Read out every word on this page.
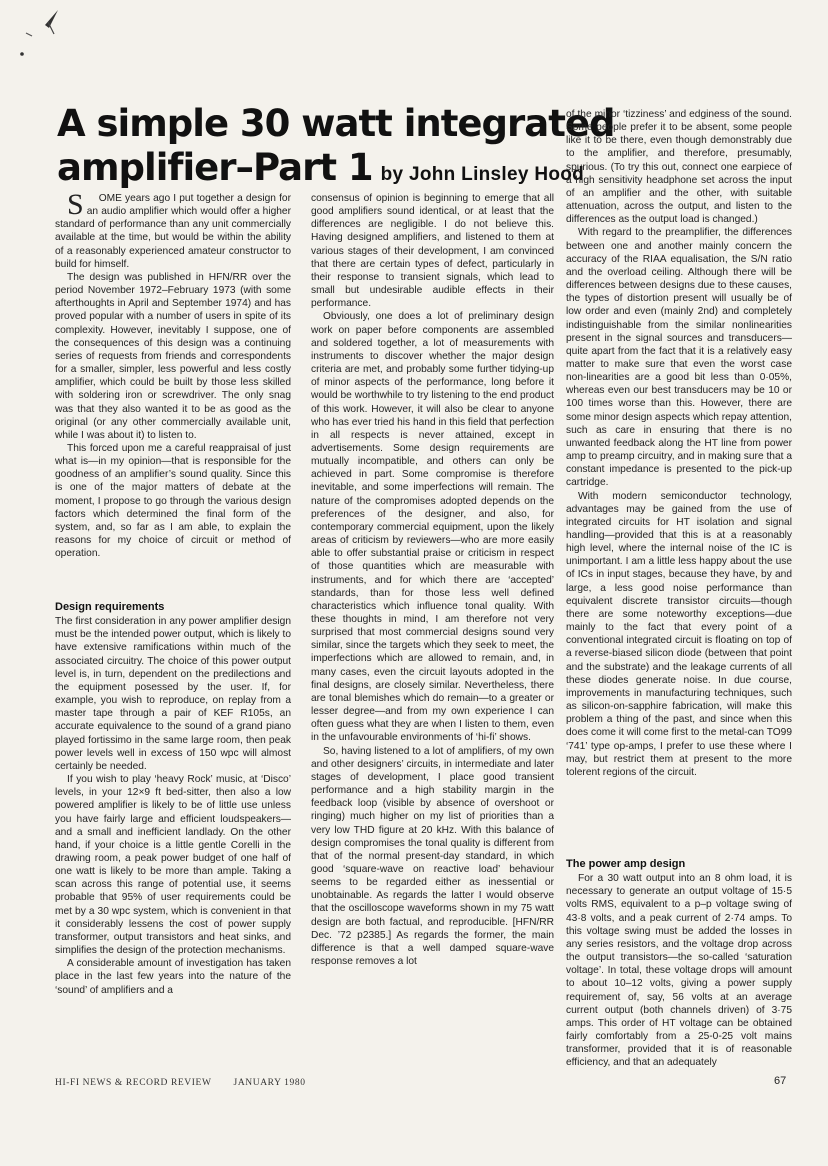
A simple 30 watt integrated
amplifier–Part 1 by John Linsley Hood

S OME years ago I put together a design for an audio amplifier which would offer a higher standard of performance than any unit commercially available at the time, but would be within the ability of a reasonably experienced amateur constructor to build for himself.

The design was published in HFN/RR over the period November 1972–February 1973 (with some afterthoughts in April and September 1974) and has proved popular with a number of users in spite of its complexity. However, inevitably I suppose, one of the consequences of this design was a continuing series of requests from friends and correspondents for a smaller, simpler, less powerful and less costly amplifier, which could be built by those less skilled with soldering iron or screwdriver. The only snag was that they also wanted it to be as good as the original (or any other commercially available unit, while I was about it) to listen to.

This forced upon me a careful reappraisal of just what is—in my opinion—that is responsible for the goodness of an amplifier’s sound quality. Since this is one of the major matters of debate at the moment, I propose to go through the various design factors which determined the final form of the system, and, so far as I am able, to explain the reasons for my choice of circuit or method of operation.

Design requirements

The first consideration in any power amplifier design must be the intended power output, which is likely to have extensive ramifications within much of the associated circuitry. The choice of this power output level is, in turn, dependent on the predilections and the equipment posessed by the user. If, for example, you wish to reproduce, on replay from a master tape through a pair of KEF R105s, an accurate equivalence to the sound of a grand piano played fortissimo in the same large room, then peak power levels well in excess of 150 wpc will almost certainly be needed.

If you wish to play ‘heavy Rock’ music, at ‘Disco’ levels, in your 12×9 ft bed-sitter, then also a low powered amplifier is likely to be of little use unless you have fairly large and efficient loudspeakers—and a small and inefficient landlady. On the other hand, if your choice is a little gentle Corelli in the drawing room, a peak power budget of one half of one watt is likely to be more than ample. Taking a scan across this range of potential use, it seems probable that 95% of user requirements could be met by a 30 wpc system, which is convenient in that it considerably lessens the cost of power supply transformer, output transistors and heat sinks, and simplifies the design of the protection mechanisms.

A considerable amount of investigation has taken place in the last few years into the nature of the ‘sound’ of amplifiers and a

consensus of opinion is beginning to emerge that all good amplifiers sound identical, or at least that the differences are negligible. I do not believe this. Having designed amplifiers, and listened to them at various stages of their development, I am convinced that there are certain types of defect, particularly in their response to transient signals, which lead to small but undesirable audible effects in their performance.

Obviously, one does a lot of preliminary design work on paper before components are assembled and soldered together, a lot of measurements with instruments to discover whether the major design criteria are met, and probably some further tidying-up of minor aspects of the performance, long before it would be worthwhile to try listening to the end product of this work. However, it will also be clear to anyone who has ever tried his hand in this field that perfection in all respects is never attained, except in advertisements. Some design requirements are mutually incompatible, and others can only be achieved in part. Some compromise is therefore inevitable, and some imperfections will remain. The nature of the compromises adopted depends on the preferences of the designer, and also, for contemporary commercial equipment, upon the likely areas of criticism by reviewers—who are more easily able to offer substantial praise or criticism in respect of those quantities which are measurable with instruments, and for which there are ‘accepted’ standards, than for those less well defined characteristics which influence tonal quality. With these thoughts in mind, I am therefore not very surprised that most commercial designs sound very similar, since the targets which they seek to meet, the imperfections which are allowed to remain, and, in many cases, even the circuit layouts adopted in the final designs, are closely similar. Nevertheless, there are tonal blemishes which do remain—to a greater or lesser degree—and from my own experience I can often guess what they are when I listen to them, even in the unfavourable environments of ‘hi-fi’ shows.

So, having listened to a lot of amplifiers, of my own and other designers’ circuits, in intermediate and later stages of development, I place good transient performance and a high stability margin in the feedback loop (visible by absence of overshoot or ringing) much higher on my list of priorities than a very low THD figure at 20 kHz. With this balance of design compromises the tonal quality is different from that of the normal present-day standard, in which good ‘square-wave on reactive load’ behaviour seems to be regarded either as inessential or unobtainable. As regards the latter I would observe that the oscilloscope waveforms shown in my 75 watt design are both factual, and reproducible. [HFN/RR Dec. ’72 p2385.] As regards the former, the main difference is that a well damped square-wave response removes a lot

of the minor ‘tizziness’ and edginess of the sound. Some people prefer it to be absent, some people like it to be there, even though demonstrably due to the amplifier, and therefore, presumably, spurious. (To try this out, connect one earpiece of a high sensitivity headphone set across the input of an amplifier and the other, with suitable attenuation, across the output, and listen to the differences as the output load is changed.)

With regard to the preamplifier, the differences between one and another mainly concern the accuracy of the RIAA equalisation, the S/N ratio and the overload ceiling. Although there will be differences between designs due to these causes, the types of distortion present will usually be of low order and even (mainly 2nd) and completely indistinguishable from the similar nonlinearities present in the signal sources and transducers—quite apart from the fact that it is a relatively easy matter to make sure that even the worst case non-linearities are a good bit less than 0·05%, whereas even our best transducers may be 10 or 100 times worse than this. However, there are some minor design aspects which repay attention, such as care in ensuring that there is no unwanted feedback along the HT line from power amp to preamp circuitry, and in making sure that a constant impedance is presented to the pick-up cartridge.

With modern semiconductor technology, advantages may be gained from the use of integrated circuits for HT isolation and signal handling—provided that this is at a reasonably high level, where the internal noise of the IC is unimportant. I am a little less happy about the use of ICs in input stages, because they have, by and large, a less good noise performance than equivalent discrete transistor circuits—though there are some noteworthy exceptions—due mainly to the fact that every point of a conventional integrated circuit is floating on top of a reverse-biased silicon diode (between that point and the substrate) and the leakage currents of all these diodes generate noise. In due course, improvements in manufacturing techniques, such as silicon-on-sapphire fabrication, will make this problem a thing of the past, and since when this does come it will come first to the metal-can TO99 ‘741’ type op-amps, I prefer to use these where I may, but restrict them at present to the more tolerent regions of the circuit.

The power amp design

For a 30 watt output into an 8 ohm load, it is necessary to generate an output voltage of 15·5 volts RMS, equivalent to a p–p voltage swing of 43·8 volts, and a peak current of 2·74 amps. To this voltage swing must be added the losses in any series resistors, and the voltage drop across the output transistors—the so-called ‘saturation voltage’. In total, these voltage drops will amount to about 10–12 volts, giving a power supply requirement of, say, 56 volts at an average current output (both channels driven) of 3·75 amps. This order of HT voltage can be obtained fairly comfortably from a 25-0-25 volt mains transformer, provided that it is of reasonable efficiency, and that an adequately

HI-FI NEWS & RECORD REVIEW JANUARY 1980	67
